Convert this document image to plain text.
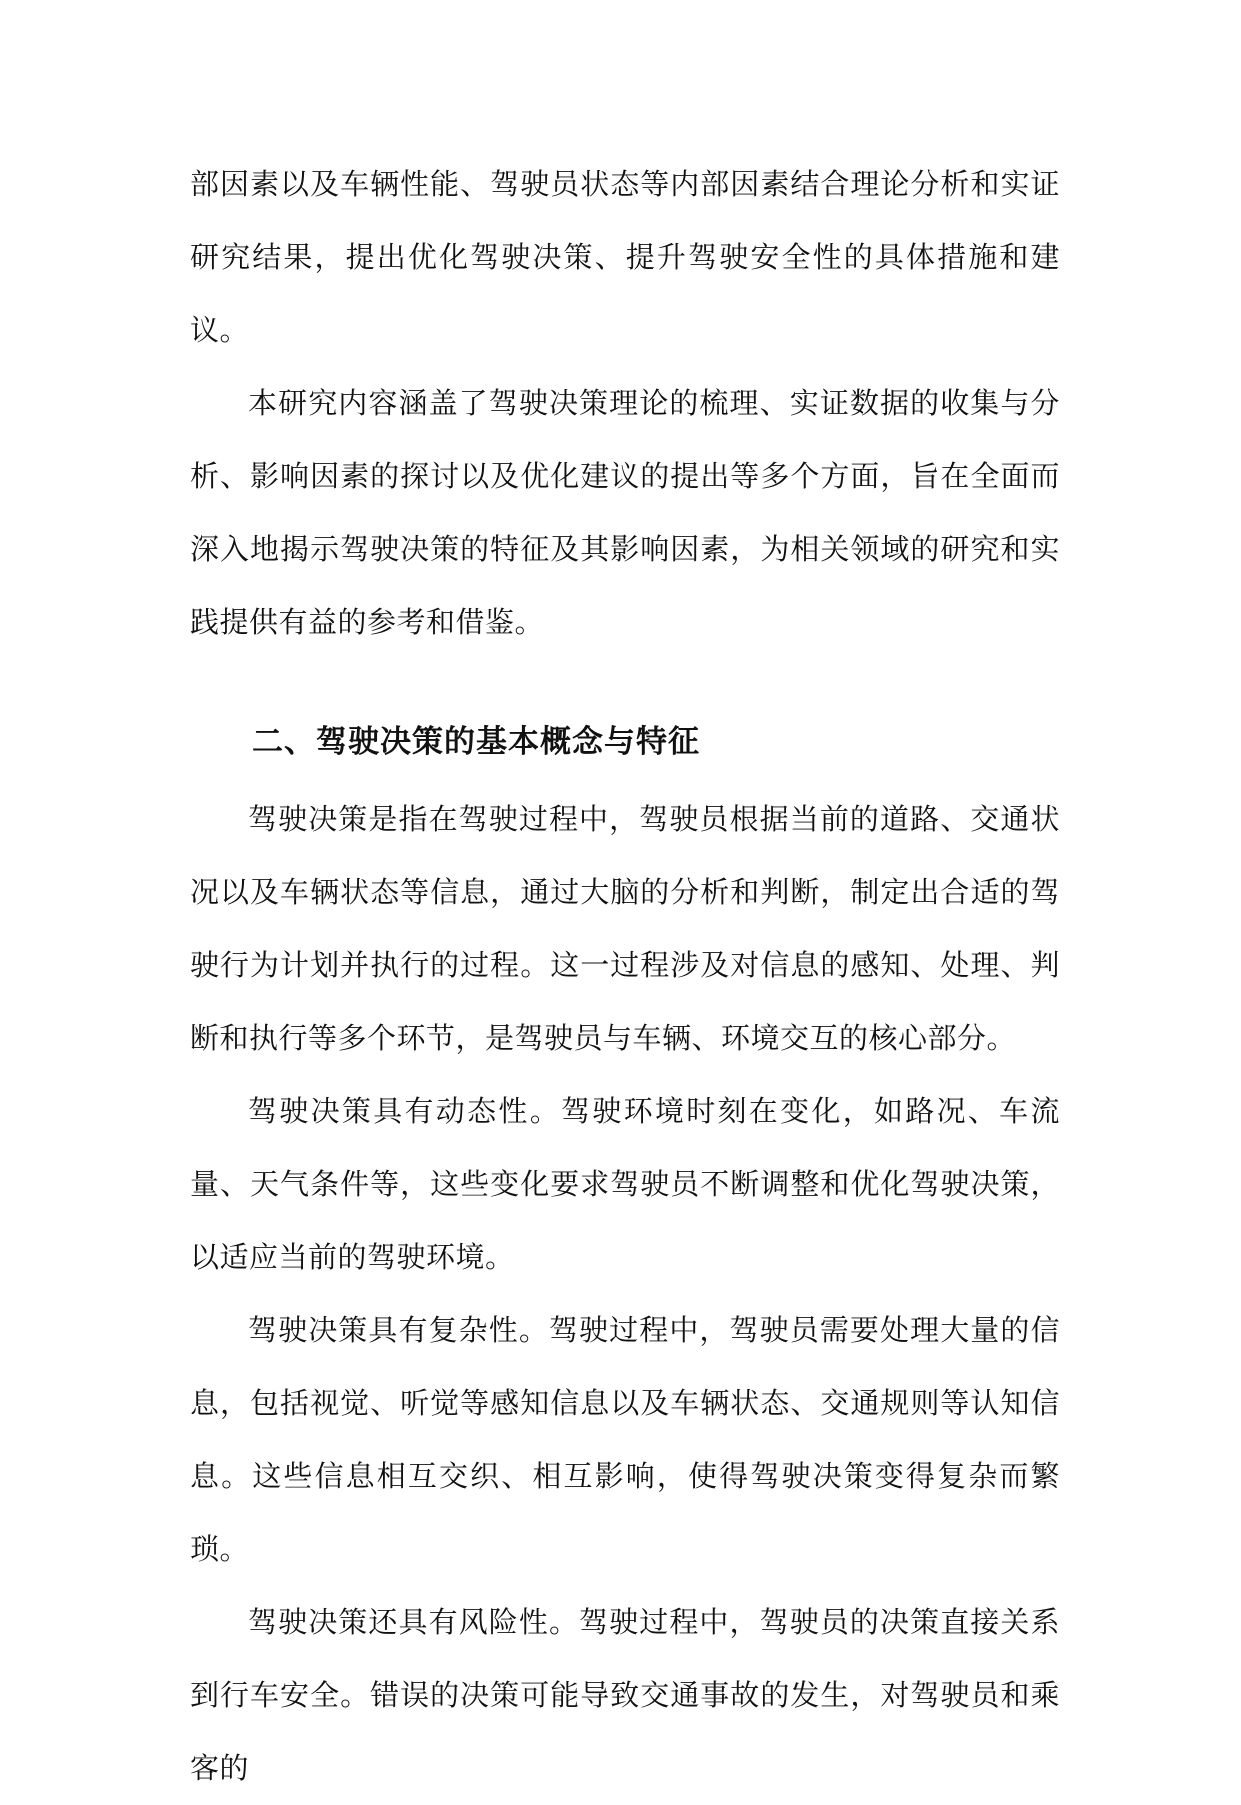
部因素以及车辆性能、驾驶员状态等内部因素结合理论分析和实证研究结果，提出优化驾驶决策、提升驾驶安全性的具体措施和建议。

本研究内容涵盖了驾驶决策理论的梳理、实证数据的收集与分析、影响因素的探讨以及优化建议的提出等多个方面，旨在全面而深入地揭示驾驶决策的特征及其影响因素，为相关领域的研究和实践提供有益的参考和借鉴。

二、驾驶决策的基本概念与特征

驾驶决策是指在驾驶过程中，驾驶员根据当前的道路、交通状况以及车辆状态等信息，通过大脑的分析和判断，制定出合适的驾驶行为计划并执行的过程。这一过程涉及对信息的感知、处理、判断和执行等多个环节，是驾驶员与车辆、环境交互的核心部分。

驾驶决策具有动态性。驾驶环境时刻在变化，如路况、车流量、天气条件等，这些变化要求驾驶员不断调整和优化驾驶决策，以适应当前的驾驶环境。

驾驶决策具有复杂性。驾驶过程中，驾驶员需要处理大量的信息，包括视觉、听觉等感知信息以及车辆状态、交通规则等认知信息。这些信息相互交织、相互影响，使得驾驶决策变得复杂而繁琐。

驾驶决策还具有风险性。驾驶过程中，驾驶员的决策直接关系到行车安全。错误的决策可能导致交通事故的发生，对驾驶员和乘客的
